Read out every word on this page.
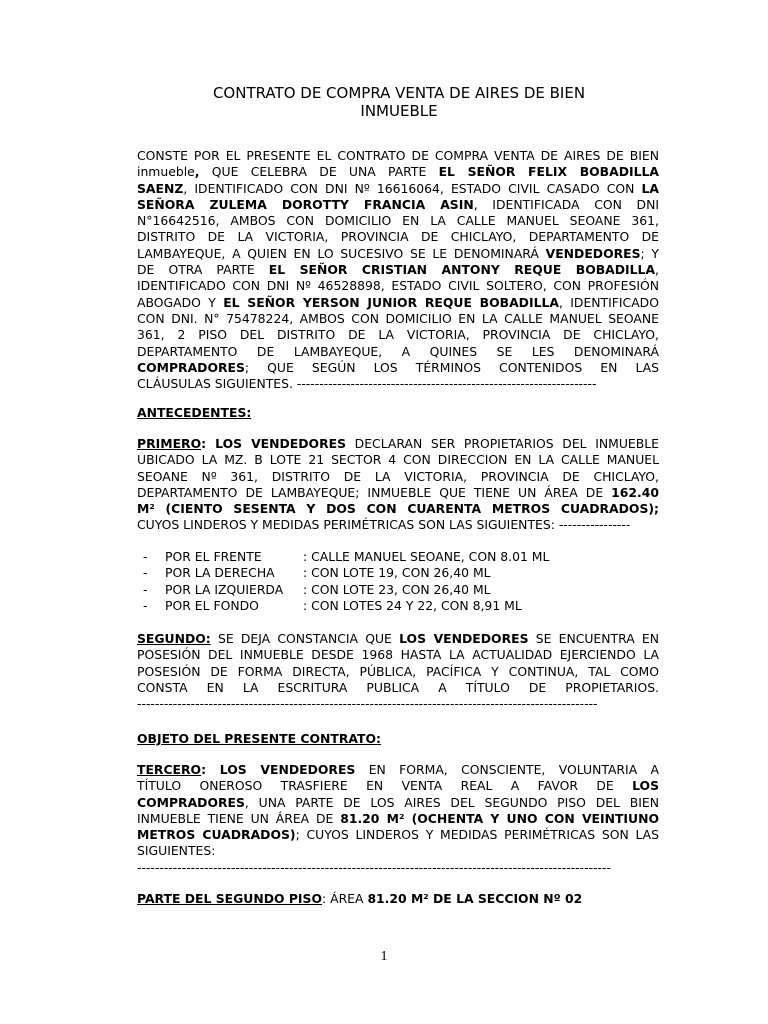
CONTRATO DE COMPRA VENTA DE AIRES DE BIEN
INMUEBLE
CONSTE POR EL PRESENTE EL CONTRATO DE COMPRA VENTA DE AIRES DE BIEN
inmueble, QUE CELEBRA DE UNA PARTE EL SEÑOR FELIX BOBADILLA
SAENZ, IDENTIFICADO CON DNI Nº 16616064, ESTADO CIVIL CASADO CON LA
SEÑORA ZULEMA DOROTTY FRANCIA ASIN, IDENTIFICADA CON DNI
N°16642516, AMBOS CON DOMICILIO EN LA CALLE MANUEL SEOANE 361,
DISTRITO DE LA VICTORIA, PROVINCIA DE CHICLAYO, DEPARTAMENTO DE
LAMBAYEQUE, A QUIEN EN LO SUCESIVO SE LE DENOMINARÁ VENDEDORES; Y
DE OTRA PARTE EL SEÑOR CRISTIAN ANTONY REQUE BOBADILLA,
IDENTIFICADO CON DNI Nº 46528898, ESTADO CIVIL SOLTERO, CON PROFESIÓN
ABOGADO Y EL SEÑOR YERSON JUNIOR REQUE BOBADILLA, IDENTIFICADO
CON DNI. N° 75478224, AMBOS CON DOMICILIO EN LA CALLE MANUEL SEOANE
361, 2 PISO DEL DISTRITO DE LA VICTORIA, PROVINCIA DE CHICLAYO,
DEPARTAMENTO DE LAMBAYEQUE, A QUINES SE LES DENOMINARÁ
COMPRADORES; QUE SEGÚN LOS TÉRMINOS CONTENIDOS EN LAS
CLÁUSULAS SIGUIENTES. -------------------------------------------------------------------
ANTECEDENTES:
PRIMERO: LOS VENDEDORES DECLARAN SER PROPIETARIOS DEL INMUEBLE
UBICADO LA MZ. B LOTE 21 SECTOR 4 CON DIRECCION EN LA CALLE MANUEL
SEOANE Nº 361, DISTRITO DE LA VICTORIA, PROVINCIA DE CHICLAYO,
DEPARTAMENTO DE LAMBAYEQUE; INMUEBLE QUE TIENE UN ÁREA DE 162.40
M² (CIENTO SESENTA Y DOS CON CUARENTA METROS CUADRADOS);
CUYOS LINDEROS Y MEDIDAS PERIMÉTRICAS SON LAS SIGUIENTES: ----------------
-	POR EL FRENTE	: CALLE MANUEL SEOANE, CON 8.01 ML
-	POR LA DERECHA	: CON LOTE 19, CON 26,40 ML
-	POR LA IZQUIERDA	: CON LOTE 23, CON 26,40 ML
-	POR EL FONDO	: CON LOTES 24 Y 22, CON 8,91 ML
SEGUNDO: SE DEJA CONSTANCIA QUE LOS VENDEDORES SE ENCUENTRA EN
POSESIÓN DEL INMUEBLE DESDE 1968 HASTA LA ACTUALIDAD EJERCIENDO LA
POSESIÓN DE FORMA DIRECTA, PÚBLICA, PACÍFICA Y CONTINUA, TAL COMO
CONSTA EN LA ESCRITURA PUBLICA A TÍTULO DE PROPIETARIOS.
-------------------------------------------------------------------------------------------------------
OBJETO DEL PRESENTE CONTRATO:
TERCERO: LOS VENDEDORES EN FORMA, CONSCIENTE, VOLUNTARIA A
TÍTULO ONEROSO TRASFIERE EN VENTA REAL A FAVOR DE LOS
COMPRADORES, UNA PARTE DE LOS AIRES DEL SEGUNDO PISO DEL BIEN
INMUEBLE TIENE UN ÁREA DE 81.20 M² (OCHENTA Y UNO CON VEINTIUNO
METROS CUADRADOS); CUYOS LINDEROS Y MEDIDAS PERIMÉTRICAS SON LAS
SIGUIENTES:
----------------------------------------------------------------------------------------------------------
PARTE DEL SEGUNDO PISO: ÁREA 81.20 M² DE LA SECCION Nº 02
1
